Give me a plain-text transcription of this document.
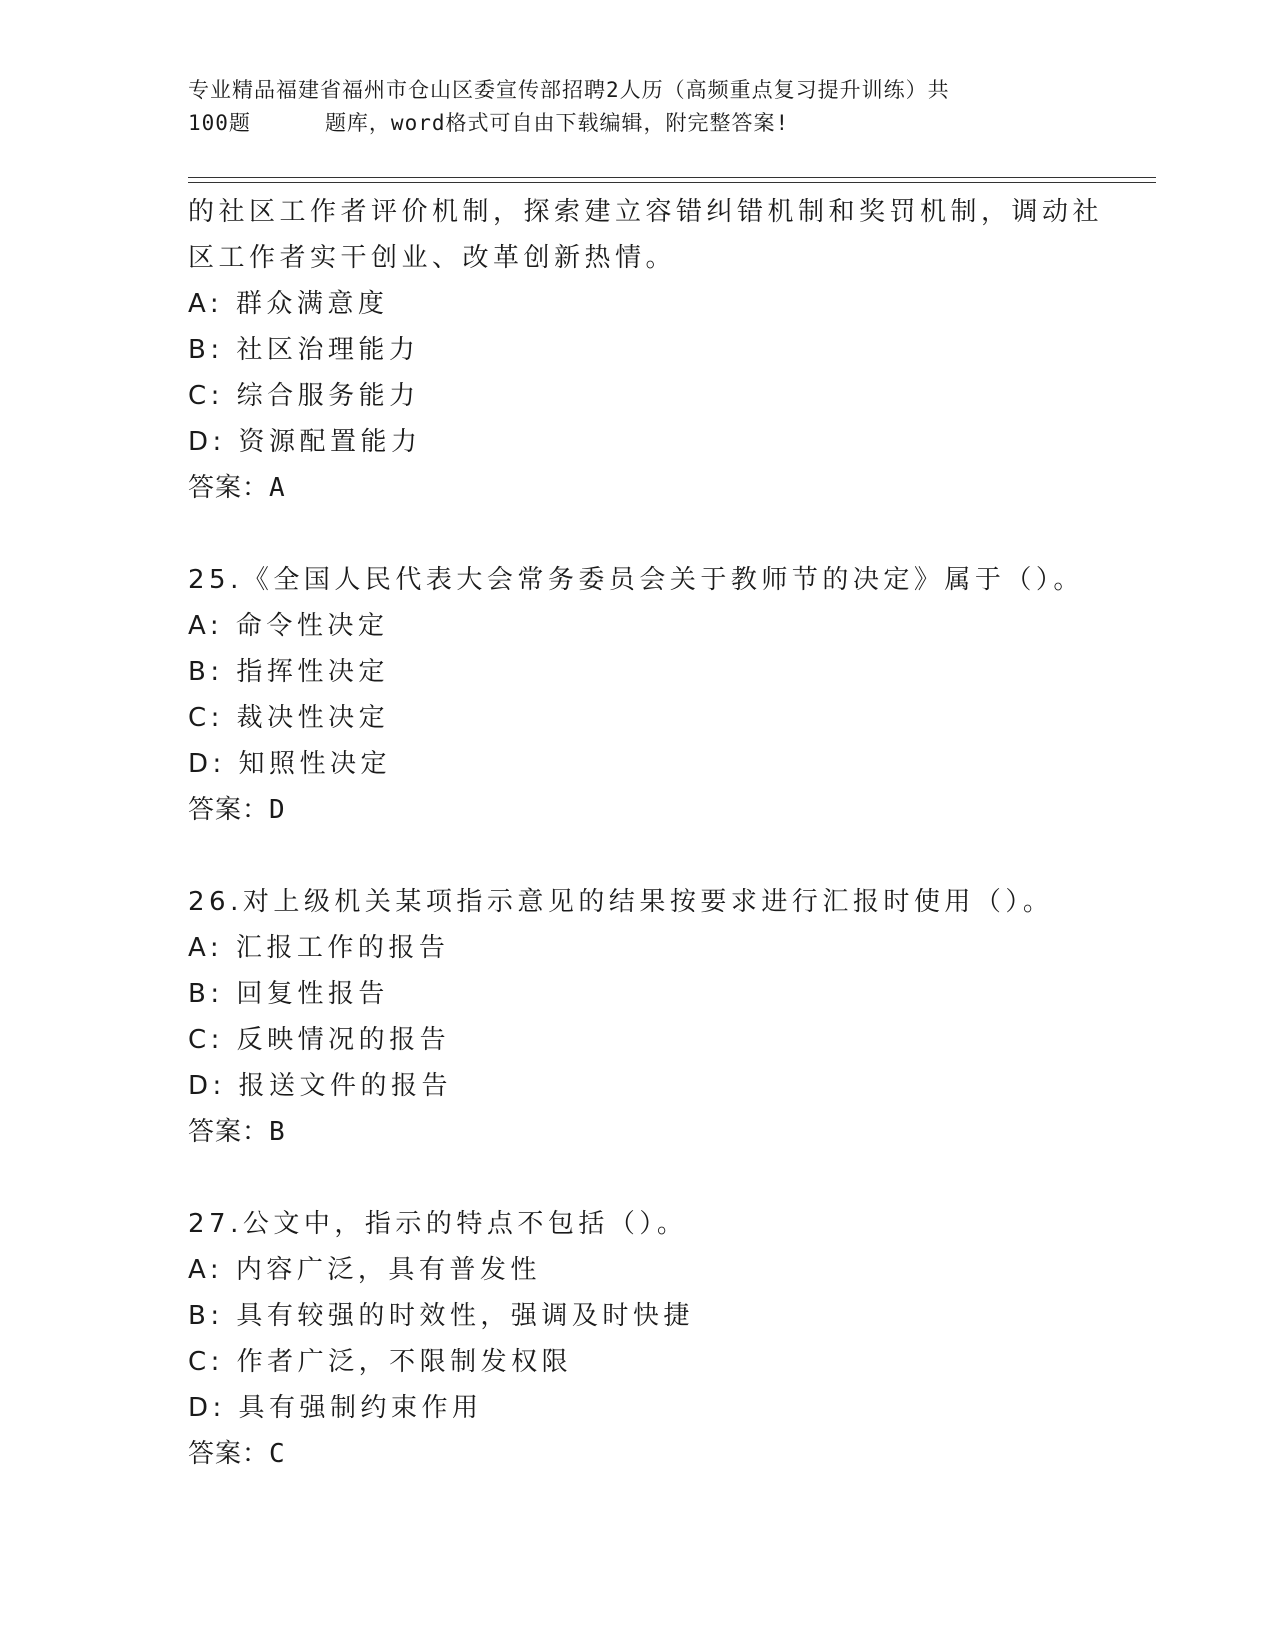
专业精品福建省福州市仓山区委宣传部招聘2人历（高频重点复习提升训练）共
100题	题库，word格式可自由下载编辑，附完整答案!
的社区工作者评价机制，探索建立容错纠错机制和奖罚机制，调动社
区工作者实干创业、改革创新热情。
A: 群众满意度
B: 社区治理能力
C: 综合服务能力
D: 资源配置能力
答案：A
25.《全国人民代表大会常务委员会关于教师节的决定》属于（）。
A: 命令性决定
B: 指挥性决定
C: 裁决性决定
D: 知照性决定
答案：D
26.对上级机关某项指示意见的结果按要求进行汇报时使用（）。
A: 汇报工作的报告
B: 回复性报告
C: 反映情况的报告
D: 报送文件的报告
答案：B
27.公文中，指示的特点不包括（）。
A: 内容广泛，具有普发性
B: 具有较强的时效性，强调及时快捷
C: 作者广泛，不限制发权限
D: 具有强制约束作用
答案：C
